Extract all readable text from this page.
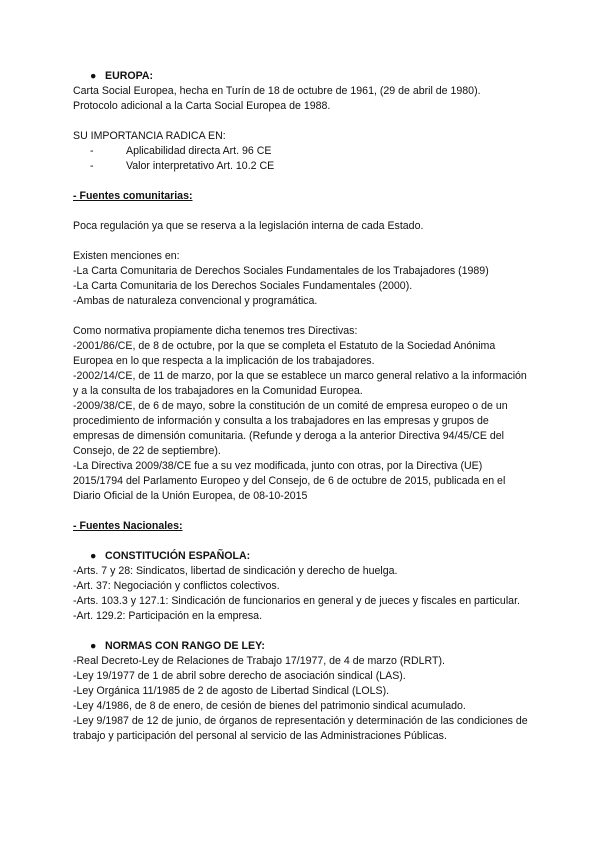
● EUROPA:
Carta Social Europea, hecha en Turín de 18 de octubre de 1961, (29 de abril de 1980).
Protocolo adicional a la Carta Social Europea de 1988.
SU IMPORTANCIA RADICA EN:
-	Aplicabilidad directa Art. 96 CE
-	Valor interpretativo Art. 10.2 CE
- Fuentes comunitarias:
Poca regulación ya que se reserva a la legislación interna de cada Estado.
Existen menciones en:
-La Carta Comunitaria de Derechos Sociales Fundamentales de los Trabajadores (1989)
-La Carta Comunitaria de los Derechos Sociales Fundamentales (2000).
-Ambas de naturaleza convencional y programática.
Como normativa propiamente dicha tenemos tres Directivas:
-2001/86/CE, de 8 de octubre, por la que se completa el Estatuto de la Sociedad Anónima Europea en lo que respecta a la implicación de los trabajadores.
-2002/14/CE, de 11 de marzo, por la que se establece un marco general relativo a la información y a la consulta de los trabajadores en la Comunidad Europea.
-2009/38/CE, de 6 de mayo, sobre la constitución de un comité de empresa europeo o de un procedimiento de información y consulta a los trabajadores en las empresas y grupos de empresas de dimensión comunitaria. (Refunde y deroga a la anterior Directiva 94/45/CE del Consejo, de 22 de septiembre).
-La Directiva 2009/38/CE fue a su vez modificada, junto con otras, por la Directiva (UE) 2015/1794 del Parlamento Europeo y del Consejo, de 6 de octubre de 2015, publicada en el Diario Oficial de la Unión Europea, de 08-10-2015
- Fuentes Nacionales:
● CONSTITUCIÓN ESPAÑOLA:
-Arts. 7 y 28: Sindicatos, libertad de sindicación y derecho de huelga.
-Art. 37: Negociación y conflictos colectivos.
-Arts. 103.3 y 127.1: Sindicación de funcionarios en general y de jueces y fiscales en particular.
-Art. 129.2: Participación en la empresa.
● NORMAS CON RANGO DE LEY:
-Real Decreto-Ley de Relaciones de Trabajo 17/1977, de 4 de marzo (RDLRT).
-Ley 19/1977 de 1 de abril sobre derecho de asociación sindical (LAS).
-Ley Orgánica 11/1985 de 2 de agosto de Libertad Sindical (LOLS).
-Ley 4/1986, de 8 de enero, de cesión de bienes del patrimonio sindical acumulado.
-Ley 9/1987 de 12 de junio, de órganos de representación y determinación de las condiciones de trabajo y participación del personal al servicio de las Administraciones Públicas.
